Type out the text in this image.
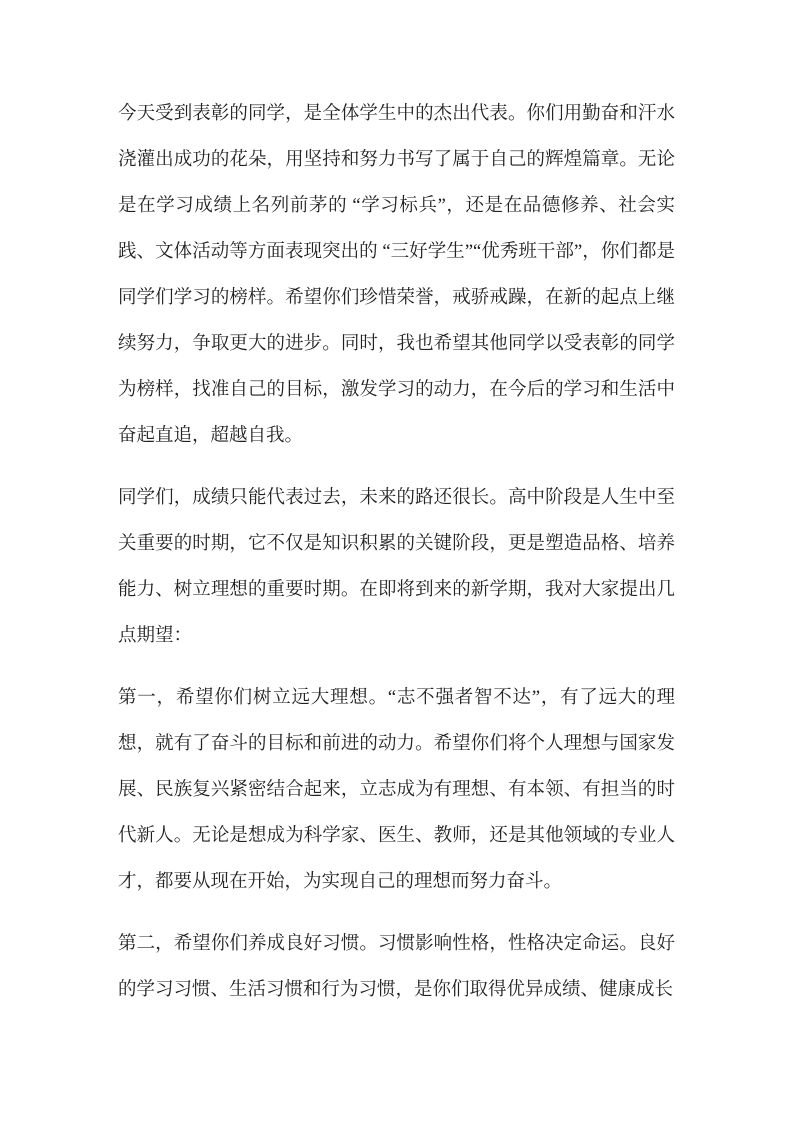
今天受到表彰的同学，是全体学生中的杰出代表。你们用勤奋和汗水浇灌出成功的花朵，用坚持和努力书写了属于自己的辉煌篇章。无论是在学习成绩上名列前茅的 “学习标兵”，还是在品德修养、社会实践、文体活动等方面表现突出的 “三好学生”“优秀班干部”，你们都是同学们学习的榜样。希望你们珍惜荣誉，戒骄戒躁，在新的起点上继续努力，争取更大的进步。同时，我也希望其他同学以受表彰的同学为榜样，找准自己的目标，激发学习的动力，在今后的学习和生活中奋起直追，超越自我。

同学们，成绩只能代表过去，未来的路还很长。高中阶段是人生中至关重要的时期，它不仅是知识积累的关键阶段，更是塑造品格、培养能力、树立理想的重要时期。在即将到来的新学期，我对大家提出几点期望：

第一，希望你们树立远大理想。“志不强者智不达”，有了远大的理想，就有了奋斗的目标和前进的动力。希望你们将个人理想与国家发展、民族复兴紧密结合起来，立志成为有理想、有本领、有担当的时代新人。无论是想成为科学家、医生、教师，还是其他领域的专业人才，都要从现在开始，为实现自己的理想而努力奋斗。

第二，希望你们养成良好习惯。习惯影响性格，性格决定命运。良好的学习习惯、生活习惯和行为习惯，是你们取得优异成绩、健康成长
